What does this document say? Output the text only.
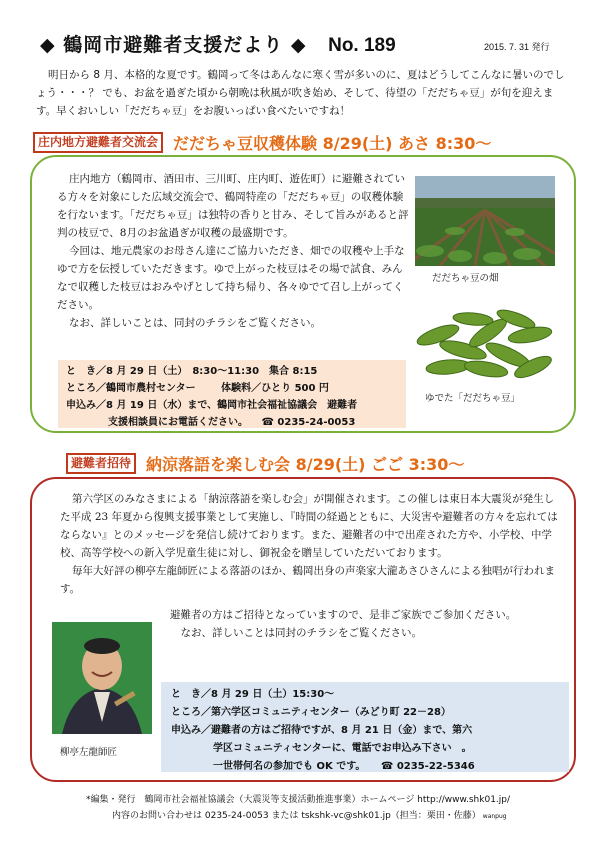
◆ 鶴岡市避難者支援だより ◆ No. 189	2015. 7. 31 発行
明日から 8 月、本格的な夏です。鶴岡って冬はあんなに寒く雪が多いのに、夏はどうしてこんなに暑いのでしょう・・・？ でも、お盆を過ぎた頃から朝晩は秋風が吹き始め、そして、待望の「だだちゃ豆」が旬を迎えます。早くおいしい「だだちゃ豆」をお腹いっぱい食べたいですね！
庄内地方避難者交流会 だだちゃ豆収穫体験 8/29(土) あさ 8:30～

庄内地方（鶴岡市、酒田市、三川町、庄内町、遊佐町）に避難されている方々を対象にした広域交流会で、鶴岡特産の「だだちゃ豆」の収穫体験を行ないます。「だだちゃ豆」は独特の香りと甘み、そして旨みがあると評判の枝豆で、8月のお盆過ぎが収穫の最盛期です。

今回は、地元農家のお母さん達にご協力いただき、畑での収穫や上手なゆで方を伝授していただきます。ゆで上がった枝豆はその場で試食、みんなで収穫した枝豆はおみやげとして持ち帰り、各々ゆでて召し上がってください。

なお、詳しいことは、同封のチラシをご覧ください。

だだちゃ豆の畑
ゆでた「だだちゃ豆」
と　き／8 月 29 日（土）　8:30～11:30　集合 8:15
ところ／鶴岡市農村センター	体験料／ひとり 500 円
申込み／8 月 19 日（水）まで、鶴岡市社会福祉協議会　避難者
支援相談員にお電話ください。 ☎ 0235-24-0053
避難者招待 納涼落語を楽しむ会 8/29(土) ごご 3:30～

第六学区のみなさまによる「納涼落語を楽しむ会」が開催されます。この催しは東日本大震災が発生した平成 23 年夏から復興支援事業として実施し、『時間の経過とともに、大災害や避難者の方々を忘れてはならない』とのメッセージを発信し続けております。また、避難者の中で出産された方や、小学校、中学校、高等学校への新入学児童生徒に対し、御祝金を贈呈していただいております。

毎年大好評の柳亭左龍師匠による落語のほか、鶴岡出身の声楽家大瀧あさひさんによる独唱が行われます。

避難者の方はご招待となっていますので、是非ご家族でご参加ください。

　なお、詳しいことは同封のチラシをご覧ください。

柳亭左龍師匠
と　き／8 月 29 日（土）15:30～
ところ／第六学区コミュニティセンター（みどり町 22－28）
申込み／避難者の方はご招待ですが、8 月 21 日（金）まで、第六
学区コミュニティセンターに、電話でお申込み下さい　。
一世帯何名の参加でも OK です。 ☎ 0235-22-5346
*編集・発行　鶴岡市社会福祉協議会（大震災等支援活動推進事業）ホームページ http://www.shk01.jp/
内容のお問い合わせは 0235-24-0053 または tskshk-vc@shk01.jp（担当：栗田・佐藤） wanpug
